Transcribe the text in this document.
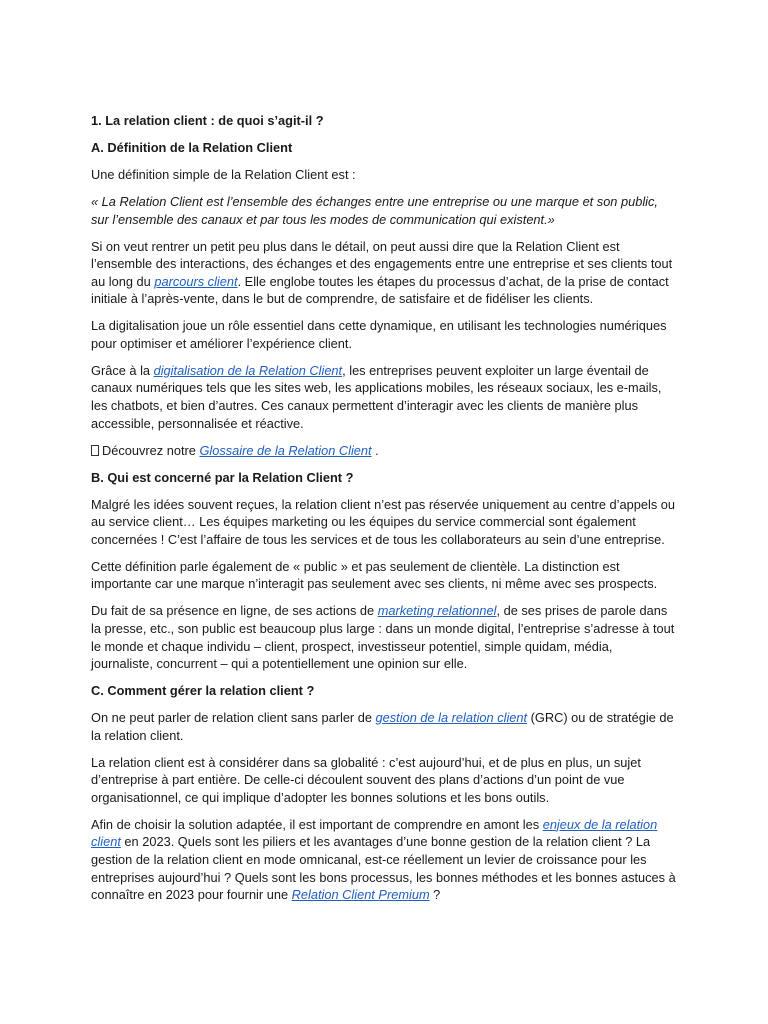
1. La relation client : de quoi s’agit-il ?

A. Définition de la Relation Client

Une définition simple de la Relation Client est :

« La Relation Client est l’ensemble des échanges entre une entreprise ou une marque et son public, sur l’ensemble des canaux et par tous les modes de communication qui existent.»

Si on veut rentrer un petit peu plus dans le détail, on peut aussi dire que la Relation Client est l’ensemble des interactions, des échanges et des engagements entre une entreprise et ses clients tout au long du parcours client. Elle englobe toutes les étapes du processus d’achat, de la prise de contact initiale à l’après-vente, dans le but de comprendre, de satisfaire et de fidéliser les clients.

La digitalisation joue un rôle essentiel dans cette dynamique, en utilisant les technologies numériques pour optimiser et améliorer l’expérience client.

Grâce à la digitalisation de la Relation Client, les entreprises peuvent exploiter un large éventail de canaux numériques tels que les sites web, les applications mobiles, les réseaux sociaux, les e-mails, les chatbots, et bien d’autres. Ces canaux permettent d’interagir avec les clients de manière plus accessible, personnalisée et réactive.

Découvrez notre Glossaire de la Relation Client .

B. Qui est concerné par la Relation Client ?

Malgré les idées souvent reçues, la relation client n’est pas réservée uniquement au centre d’appels ou au service client… Les équipes marketing ou les équipes du service commercial sont également concernées ! C’est l’affaire de tous les services et de tous les collaborateurs au sein d’une entreprise.

Cette définition parle également de « public » et pas seulement de clientèle. La distinction est importante car une marque n’interagit pas seulement avec ses clients, ni même avec ses prospects.

Du fait de sa présence en ligne, de ses actions de marketing relationnel, de ses prises de parole dans la presse, etc., son public est beaucoup plus large : dans un monde digital, l’entreprise s’adresse à tout le monde et chaque individu – client, prospect, investisseur potentiel, simple quidam, média, journaliste, concurrent – qui a potentiellement une opinion sur elle.

C. Comment gérer la relation client ?

On ne peut parler de relation client sans parler de gestion de la relation client (GRC) ou de stratégie de la relation client.

La relation client est à considérer dans sa globalité : c’est aujourd’hui, et de plus en plus, un sujet d’entreprise à part entière. De celle-ci découlent souvent des plans d’actions d’un point de vue organisationnel, ce qui implique d’adopter les bonnes solutions et les bons outils.

Afin de choisir la solution adaptée, il est important de comprendre en amont les enjeux de la relation client en 2023. Quels sont les piliers et les avantages d’une bonne gestion de la relation client ? La gestion de la relation client en mode omnicanal, est-ce réellement un levier de croissance pour les entreprises aujourd’hui ? Quels sont les bons processus, les bonnes méthodes et les bonnes astuces à connaître en 2023 pour fournir une Relation Client Premium ?
